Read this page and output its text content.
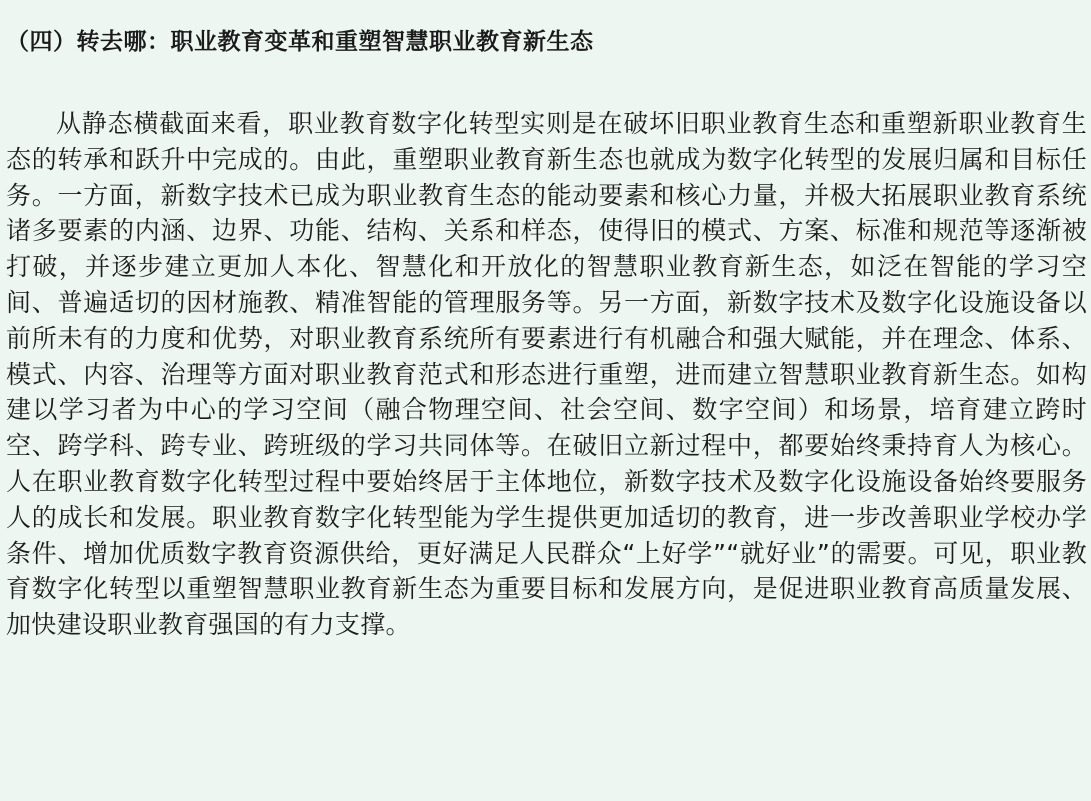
（四）转去哪：职业教育变革和重塑智慧职业教育新生态

从静态横截面来看，职业教育数字化转型实则是在破坏旧职业教育生态和重塑新职业教育生态的转承和跃升中完成的。由此，重塑职业教育新生态也就成为数字化转型的发展归属和目标任务。一方面，新数字技术已成为职业教育生态的能动要素和核心力量，并极大拓展职业教育系统诸多要素的内涵、边界、功能、结构、关系和样态，使得旧的模式、方案、标准和规范等逐渐被打破，并逐步建立更加人本化、智慧化和开放化的智慧职业教育新生态，如泛在智能的学习空间、普遍适切的因材施教、精准智能的管理服务等。另一方面，新数字技术及数字化设施设备以前所未有的力度和优势，对职业教育系统所有要素进行有机融合和强大赋能，并在理念、体系、模式、内容、治理等方面对职业教育范式和形态进行重塑，进而建立智慧职业教育新生态。如构建以学习者为中心的学习空间（融合物理空间、社会空间、数字空间）和场景，培育建立跨时空、跨学科、跨专业、跨班级的学习共同体等。在破旧立新过程中，都要始终秉持育人为核心。人在职业教育数字化转型过程中要始终居于主体地位，新数字技术及数字化设施设备始终要服务人的成长和发展。职业教育数字化转型能为学生提供更加适切的教育，进一步改善职业学校办学条件、增加优质数字教育资源供给，更好满足人民群众“上好学”“就好业”的需要。可见，职业教育数字化转型以重塑智慧职业教育新生态为重要目标和发展方向，是促进职业教育高质量发展、加快建设职业教育强国的有力支撑。
